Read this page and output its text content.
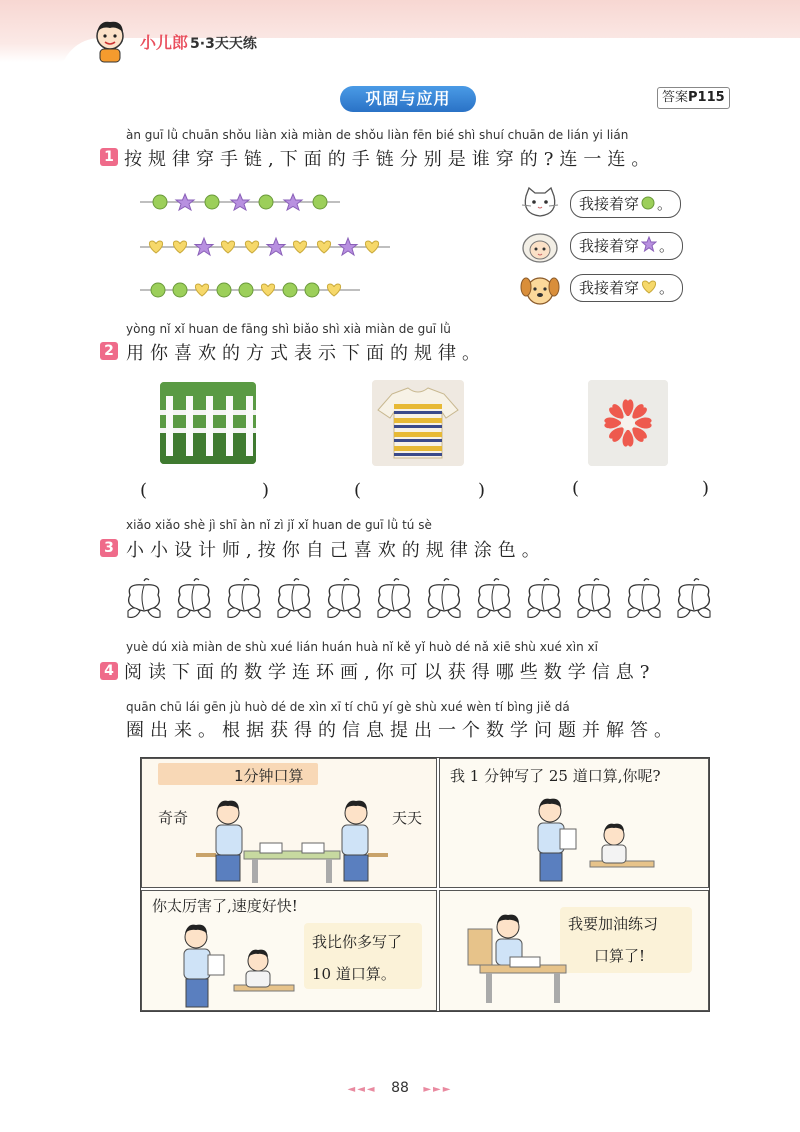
小儿郎 5·3天天练
巩固与应用	答案P115
àn guī lǜ chuān shǒu liàn xià miàn de shǒu liàn fēn bié shì shuí chuān de lián yi lián
1 按规律穿手链,下面的手链分别是谁穿的?连一连。
我接着穿 。
我接着穿 。
我接着穿 。
yòng nǐ xǐ huan de fāng shì biǎo shì xià miàn de guī lǜ
2 用你喜欢的方式表示下面的规律。
(	)	(	)	(	)
xiǎo xiǎo shè jì shī àn nǐ zì jǐ xǐ huan de guī lǜ tú sè
3 小小设计师,按你自己喜欢的规律涂色。
yuè dú xià miàn de shù xué lián huán huà nǐ kě yǐ huò dé nǎ xiē shù xué xìn xī
4 阅读下面的数学连环画,你可以获得哪些数学信息?
quān chū lái gēn jù huò dé de xìn xī tí chū yí gè shù xué wèn tí bìng jiě dá
圈出来。根据获得的信息提出一个数学问题并解答。
1分钟口算
奇奇	天天
我 1 分钟写了 25 道口算,你呢?
你太厉害了,速度好快!
我比你多写了
10 道口算。
我要加油练习
口算了!
◄◄◄ 88 ►►►
